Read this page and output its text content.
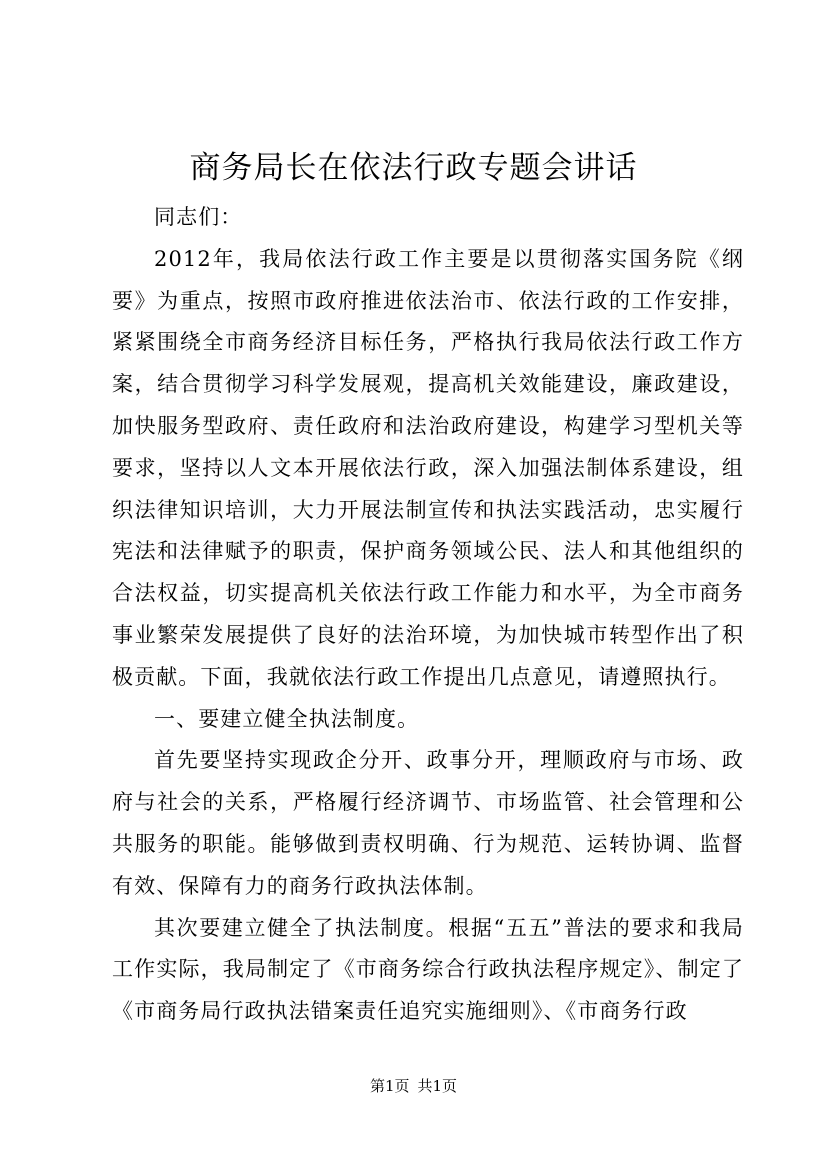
商务局长在依法行政专题会讲话

同志们：

2012年，我局依法行政工作主要是以贯彻落实国务院《纲要》为重点，按照市政府推进依法治市、依法行政的工作安排，紧紧围绕全市商务经济目标任务，严格执行我局依法行政工作方案，结合贯彻学习科学发展观，提高机关效能建设，廉政建设，加快服务型政府、责任政府和法治政府建设，构建学习型机关等要求，坚持以人文本开展依法行政，深入加强法制体系建设，组织法律知识培训，大力开展法制宣传和执法实践活动，忠实履行宪法和法律赋予的职责，保护商务领域公民、法人和其他组织的合法权益，切实提高机关依法行政工作能力和水平，为全市商务事业繁荣发展提供了良好的法治环境，为加快城市转型作出了积极贡献。下面，我就依法行政工作提出几点意见，请遵照执行。

一、要建立健全执法制度。

首先要坚持实现政企分开、政事分开，理顺政府与市场、政府与社会的关系，严格履行经济调节、市场监管、社会管理和公共服务的职能。能够做到责权明确、行为规范、运转协调、监督有效、保障有力的商务行政执法体制。

其次要建立健全了执法制度。根据“五五”普法的要求和我局工作实际，我局制定了《市商务综合行政执法程序规定》、制定了《市商务局行政执法错案责任追究实施细则》、《市商务行政

第1页 共1页
